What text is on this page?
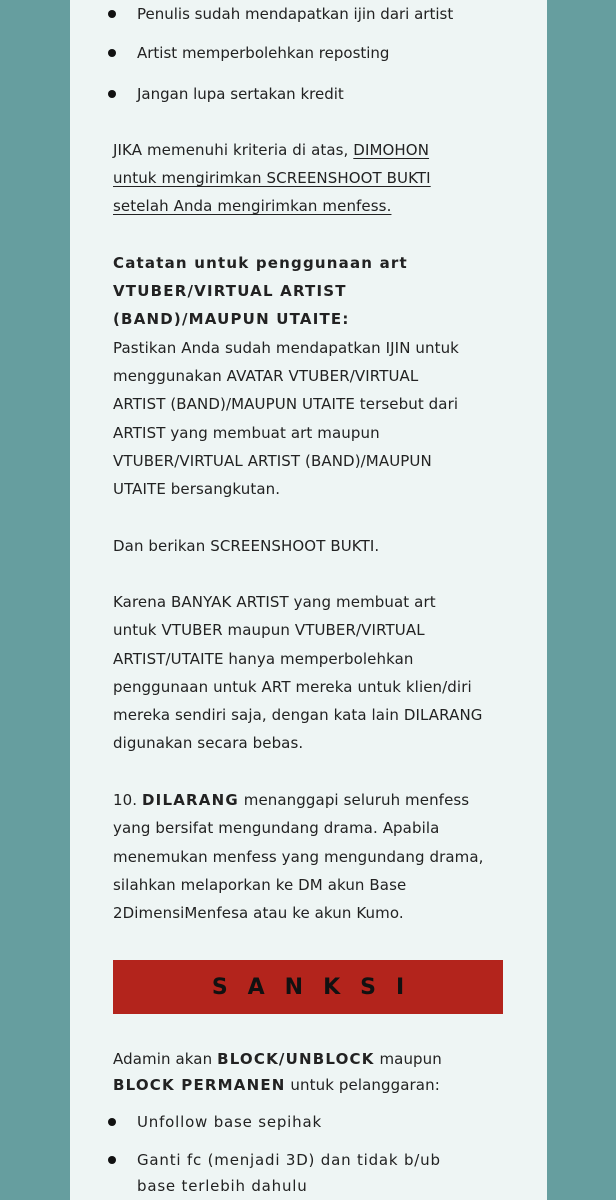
Penulis sudah mendapatkan ijin dari artist
Artist memperbolehkan reposting
Jangan lupa sertakan kredit
JIKA memenuhi kriteria di atas, DIMOHON
untuk mengirimkan SCREENSHOOT BUKTI
setelah Anda mengirimkan menfess.
Catatan untuk penggunaan art
VTUBER/VIRTUAL ARTIST
(BAND)/MAUPUN UTAITE:
Pastikan Anda sudah mendapatkan IJIN untuk
menggunakan AVATAR VTUBER/VIRTUAL
ARTIST (BAND)/MAUPUN UTAITE tersebut dari
ARTIST yang membuat art maupun
VTUBER/VIRTUAL ARTIST (BAND)/MAUPUN
UTAITE bersangkutan.
Dan berikan SCREENSHOOT BUKTI.
Karena BANYAK ARTIST yang membuat art
untuk VTUBER maupun VTUBER/VIRTUAL
ARTIST/UTAITE hanya memperbolehkan
penggunaan untuk ART mereka untuk klien/diri
mereka sendiri saja, dengan kata lain DILARANG
digunakan secara bebas.
10. DILARANG menanggapi seluruh menfess
yang bersifat mengundang drama. Apabila
menemukan menfess yang mengundang drama,
silahkan melaporkan ke DM akun Base
2DimensiMenfesa atau ke akun Kumo.
SANKSI
Adamin akan BLOCK/UNBLOCK maupun
BLOCK PERMANEN untuk pelanggaran:
Unfollow base sepihak
Ganti fc (menjadi 3D) dan tidak b/ub
base terlebih dahulu
